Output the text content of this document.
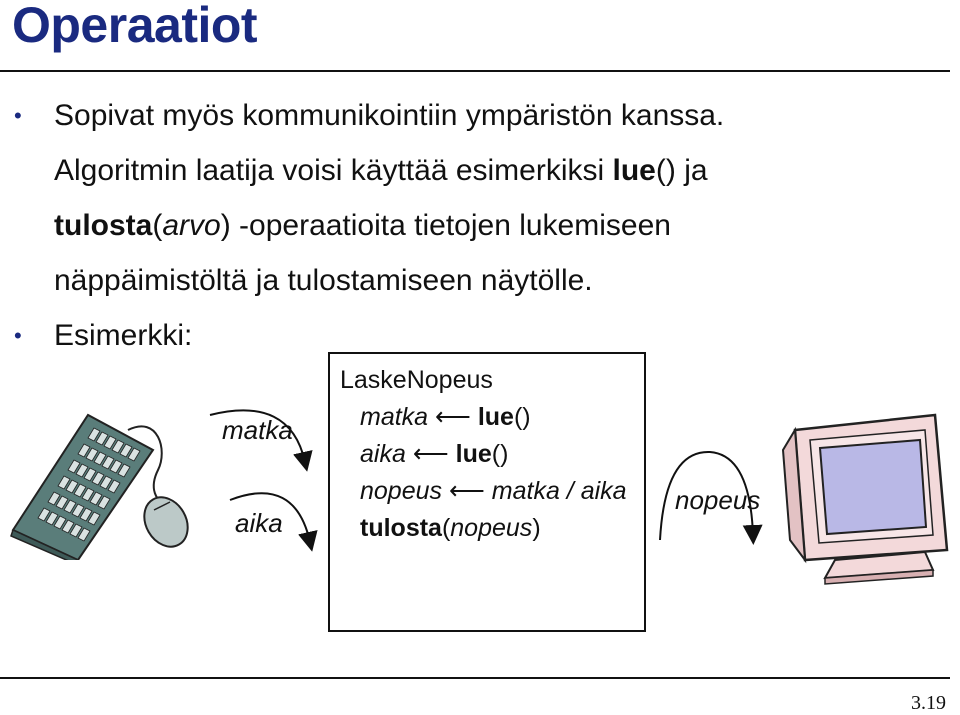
Operaatiot
• Sopivat myös kommunikointiin ympäristön kanssa.
Algoritmin laatija voisi käyttää esimerkiksi lue() ja
tulosta(arvo) -operaatioita tietojen lukemiseen
näppäimistöltä ja tulostamiseen näytölle.
• Esimerkki:
matka
aika
LaskeNopeus
matka ⟵ lue()
aika ⟵ lue()
nopeus ⟵ matka / aika
tulosta(nopeus)
nopeus
3.19
